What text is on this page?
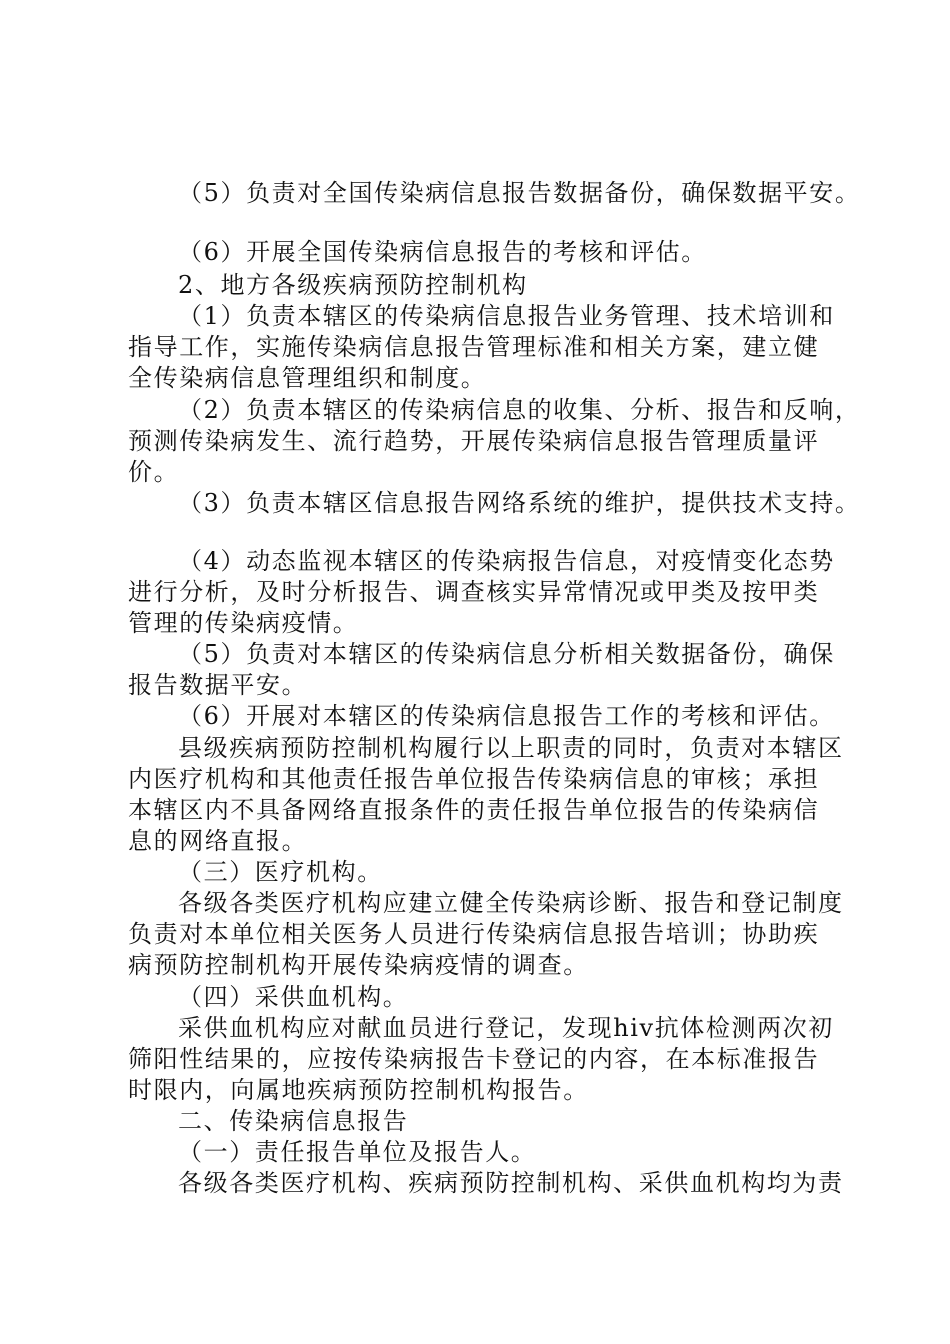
（5）负责对全国传染病信息报告数据备份，确保数据平安。
（6）开展全国传染病信息报告的考核和评估。
2、地方各级疾病预防控制机构
（1）负责本辖区的传染病信息报告业务管理、技术培训和
指导工作，实施传染病信息报告管理标准和相关方案，建立健
全传染病信息管理组织和制度。
（2）负责本辖区的传染病信息的收集、分析、报告和反响，
预测传染病发生、流行趋势，开展传染病信息报告管理质量评
价。
（3）负责本辖区信息报告网络系统的维护，提供技术支持。
（4）动态监视本辖区的传染病报告信息，对疫情变化态势
进行分析，及时分析报告、调查核实异常情况或甲类及按甲类
管理的传染病疫情。
（5）负责对本辖区的传染病信息分析相关数据备份，确保
报告数据平安。
（6）开展对本辖区的传染病信息报告工作的考核和评估。
县级疾病预防控制机构履行以上职责的同时，负责对本辖区
内医疗机构和其他责任报告单位报告传染病信息的审核；承担
本辖区内不具备网络直报条件的责任报告单位报告的传染病信
息的网络直报。
（三）医疗机构。
各级各类医疗机构应建立健全传染病诊断、报告和登记制度
负责对本单位相关医务人员进行传染病信息报告培训；协助疾
病预防控制机构开展传染病疫情的调查。
（四）采供血机构。
采供血机构应对献血员进行登记，发现hiv抗体检测两次初
筛阳性结果的，应按传染病报告卡登记的内容，在本标准报告
时限内，向属地疾病预防控制机构报告。
二、传染病信息报告
（一）责任报告单位及报告人。
各级各类医疗机构、疾病预防控制机构、采供血机构均为责
